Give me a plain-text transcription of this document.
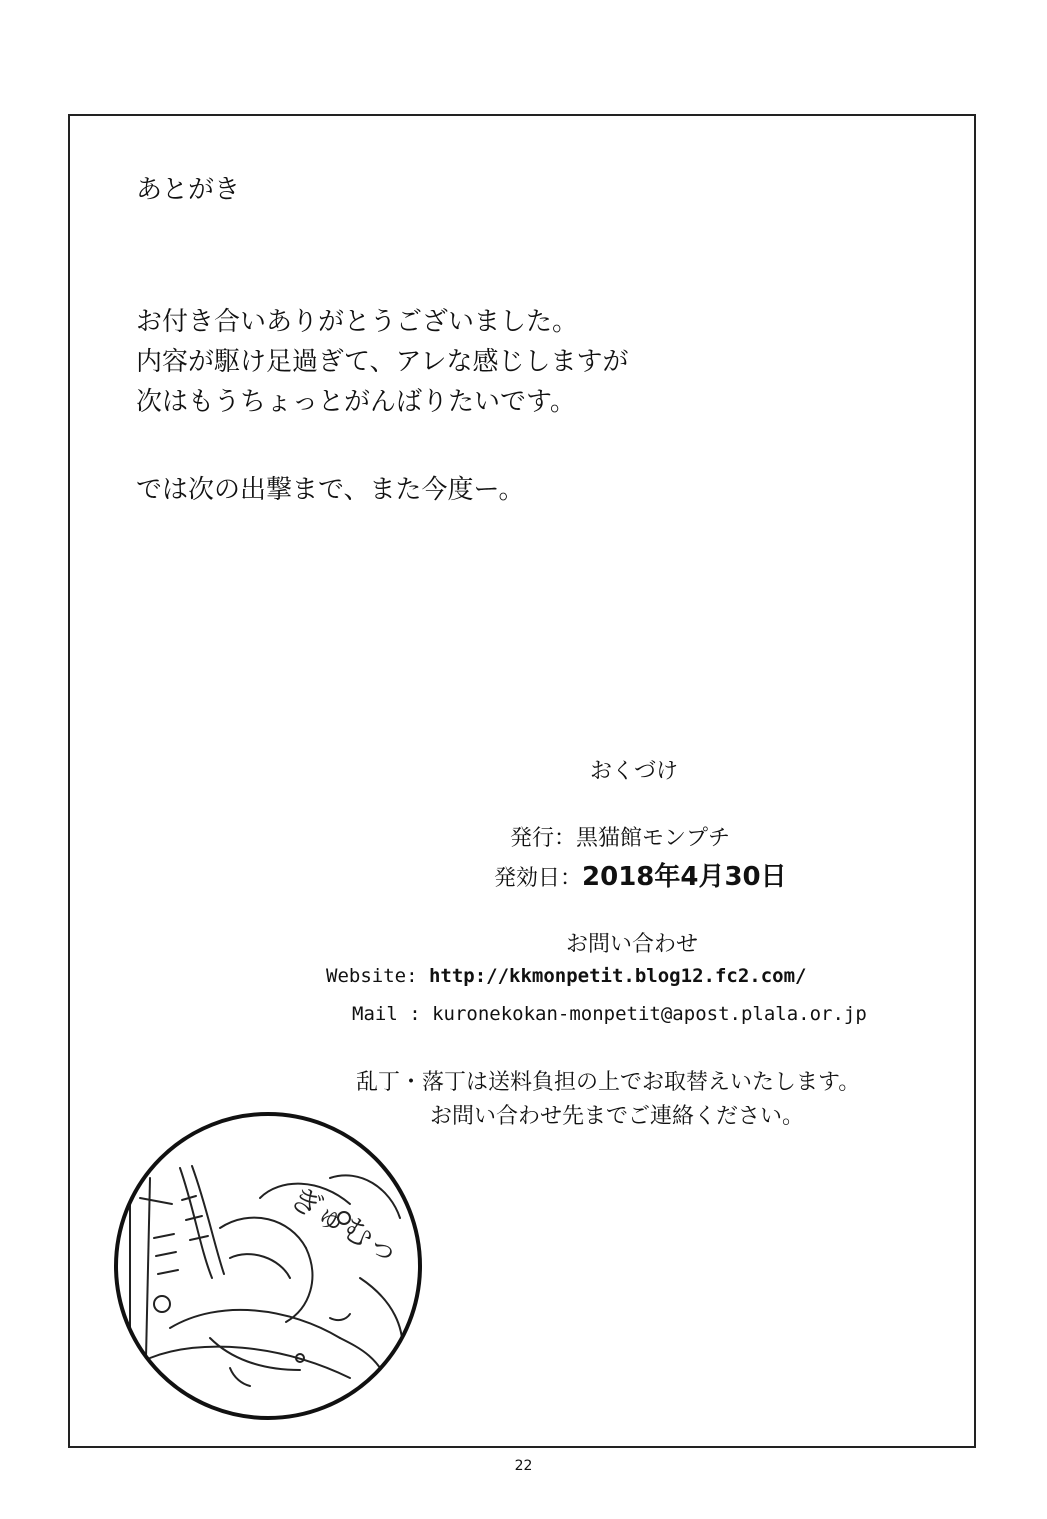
あとがき
お付き合いありがとうございました。
内容が駆け足過ぎて、アレな感じしますが
次はもうちょっとがんばりたいです。
では次の出撃まで、また今度ー。
おくづけ
発行：黒猫館モンプチ
発効日：2018年4月30日
お問い合わせ
Website: http://kkmonpetit.blog12.fc2.com/
Mail : kuronekokan-monpetit@apost.plala.or.jp
乱丁・落丁は送料負担の上でお取替えいたします。
お問い合わせ先までご連絡ください。
ぎゅむっ
22
